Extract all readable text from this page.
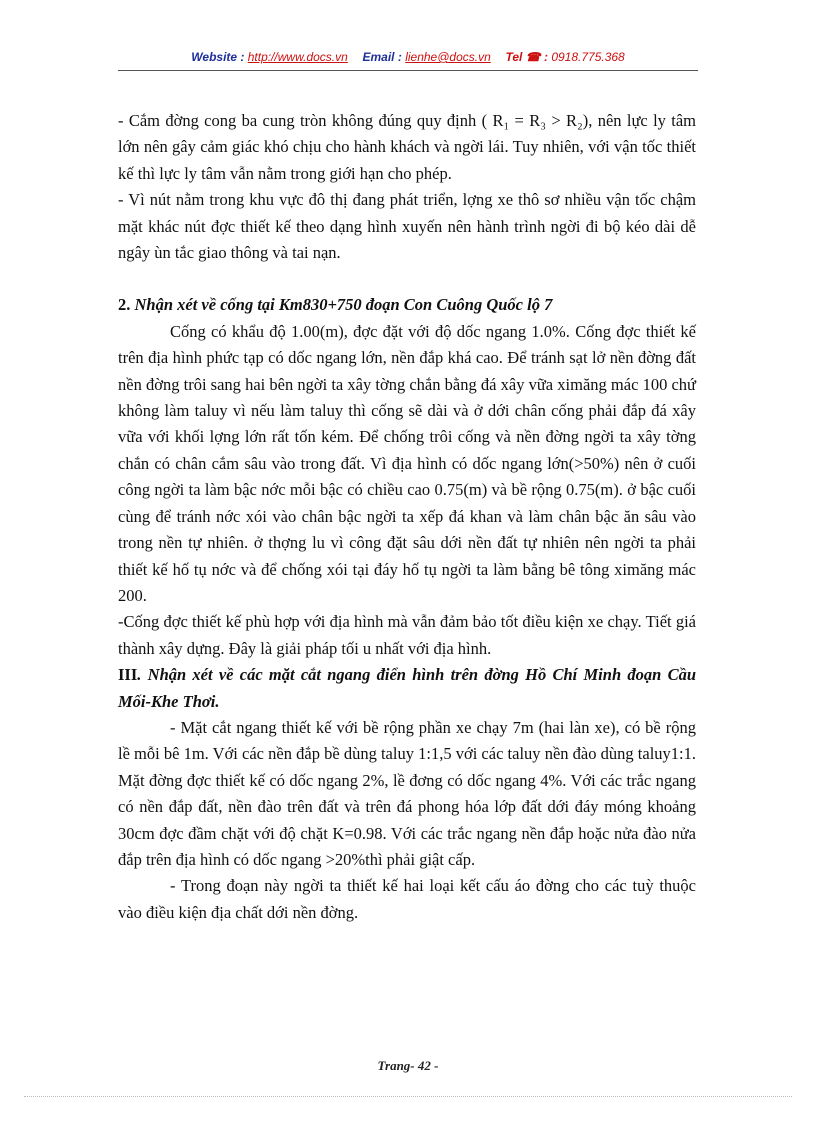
Website : http://www.docs.vn Email : lienhe@docs.vn Tel ☎ : 0918.775.368

- Cắm đờng cong ba cung tròn không đúng quy định ( R₁ = R₃ > R₂), nên lực ly tâm lớn nên gây cảm giác khó chịu cho hành khách và ngời lái. Tuy nhiên, với vận tốc thiết kế thì lực ly tâm vẫn nằm trong giới hạn cho phép.

- Vì nút nằm trong khu vực đô thị đang phát triển, lợng xe thô sơ nhiều vận tốc chậm mặt khác nút đợc thiết kế theo dạng hình xuyến nên hành trình ngời đi bộ kéo dài dễ ngây ùn tắc giao thông và tai nạn.

2. Nhận xét về cống tại Km830+750 đoạn Con Cuông Quốc lộ 7

Cống có khẩu độ 1.00(m), đợc đặt với độ dốc ngang 1.0%. Cống đợc thiết kế trên địa hình phức tạp có dốc ngang lớn, nền đắp khá cao. Để tránh sạt lở nền đờng đất nền đờng trôi sang hai bên ngời ta xây tờng chắn bằng đá xây vữa ximăng mác 100 chứ không làm taluy vì nếu làm taluy thì cống sẽ dài và ở dới chân cống phải đắp đá xây vữa với khối lợng lớn rất tốn kém. Để chống trôi cống và nền đờng ngời ta xây tờng chắn có chân cắm sâu vào trong đất. Vì địa hình có dốc ngang lớn(>50%) nên ở cuối công ngời ta làm bậc nớc mỗi bậc có chiều cao 0.75(m) và bề rộng 0.75(m). ở bậc cuối cùng để tránh nớc xói vào chân bậc ngời ta xếp đá khan và làm chân bậc ăn sâu vào trong nền tự nhiên. ở thợng lu vì công đặt sâu dới nền đất tự nhiên nên ngời ta phải thiết kế hố tụ nớc và để chống xói tại đáy hố tụ ngời ta làm bằng bê tông ximăng mác 200.

-Cống đợc thiết kế phù hợp với địa hình mà vẫn đảm bảo tốt điều kiện xe chạy. Tiết giá thành xây dựng. Đây là giải pháp tối u nhất với địa hình.

III. Nhận xét về các mặt cắt ngang điển hình trên đờng Hồ Chí Minh đoạn Cầu Mối-Khe Thơi.

- Mặt cắt ngang thiết kế với bề rộng phần xe chạy 7m (hai làn xe), có bề rộng lề mỗi bê 1m. Với các nền đắp bề dùng taluy 1:1,5 với các taluy nền đào dùng taluy1:1. Mặt đờng đợc thiết kế có dốc ngang 2%, lề đơng có dốc ngang 4%. Với các trắc ngang có nền đắp đất, nền đào trên đất và trên đá phong hóa lớp đất dới đáy móng khoảng 30cm đợc đầm chặt với độ chặt K=0.98. Với các trắc ngang nền đắp hoặc nửa đào nửa đắp trên địa hình có dốc ngang >20%thì phải giật cấp.

- Trong đoạn này ngời ta thiết kế hai loại kết cấu áo đờng cho các tuỳ thuộc vào điều kiện địa chất dới nền đờng.

Trang- 42 -
